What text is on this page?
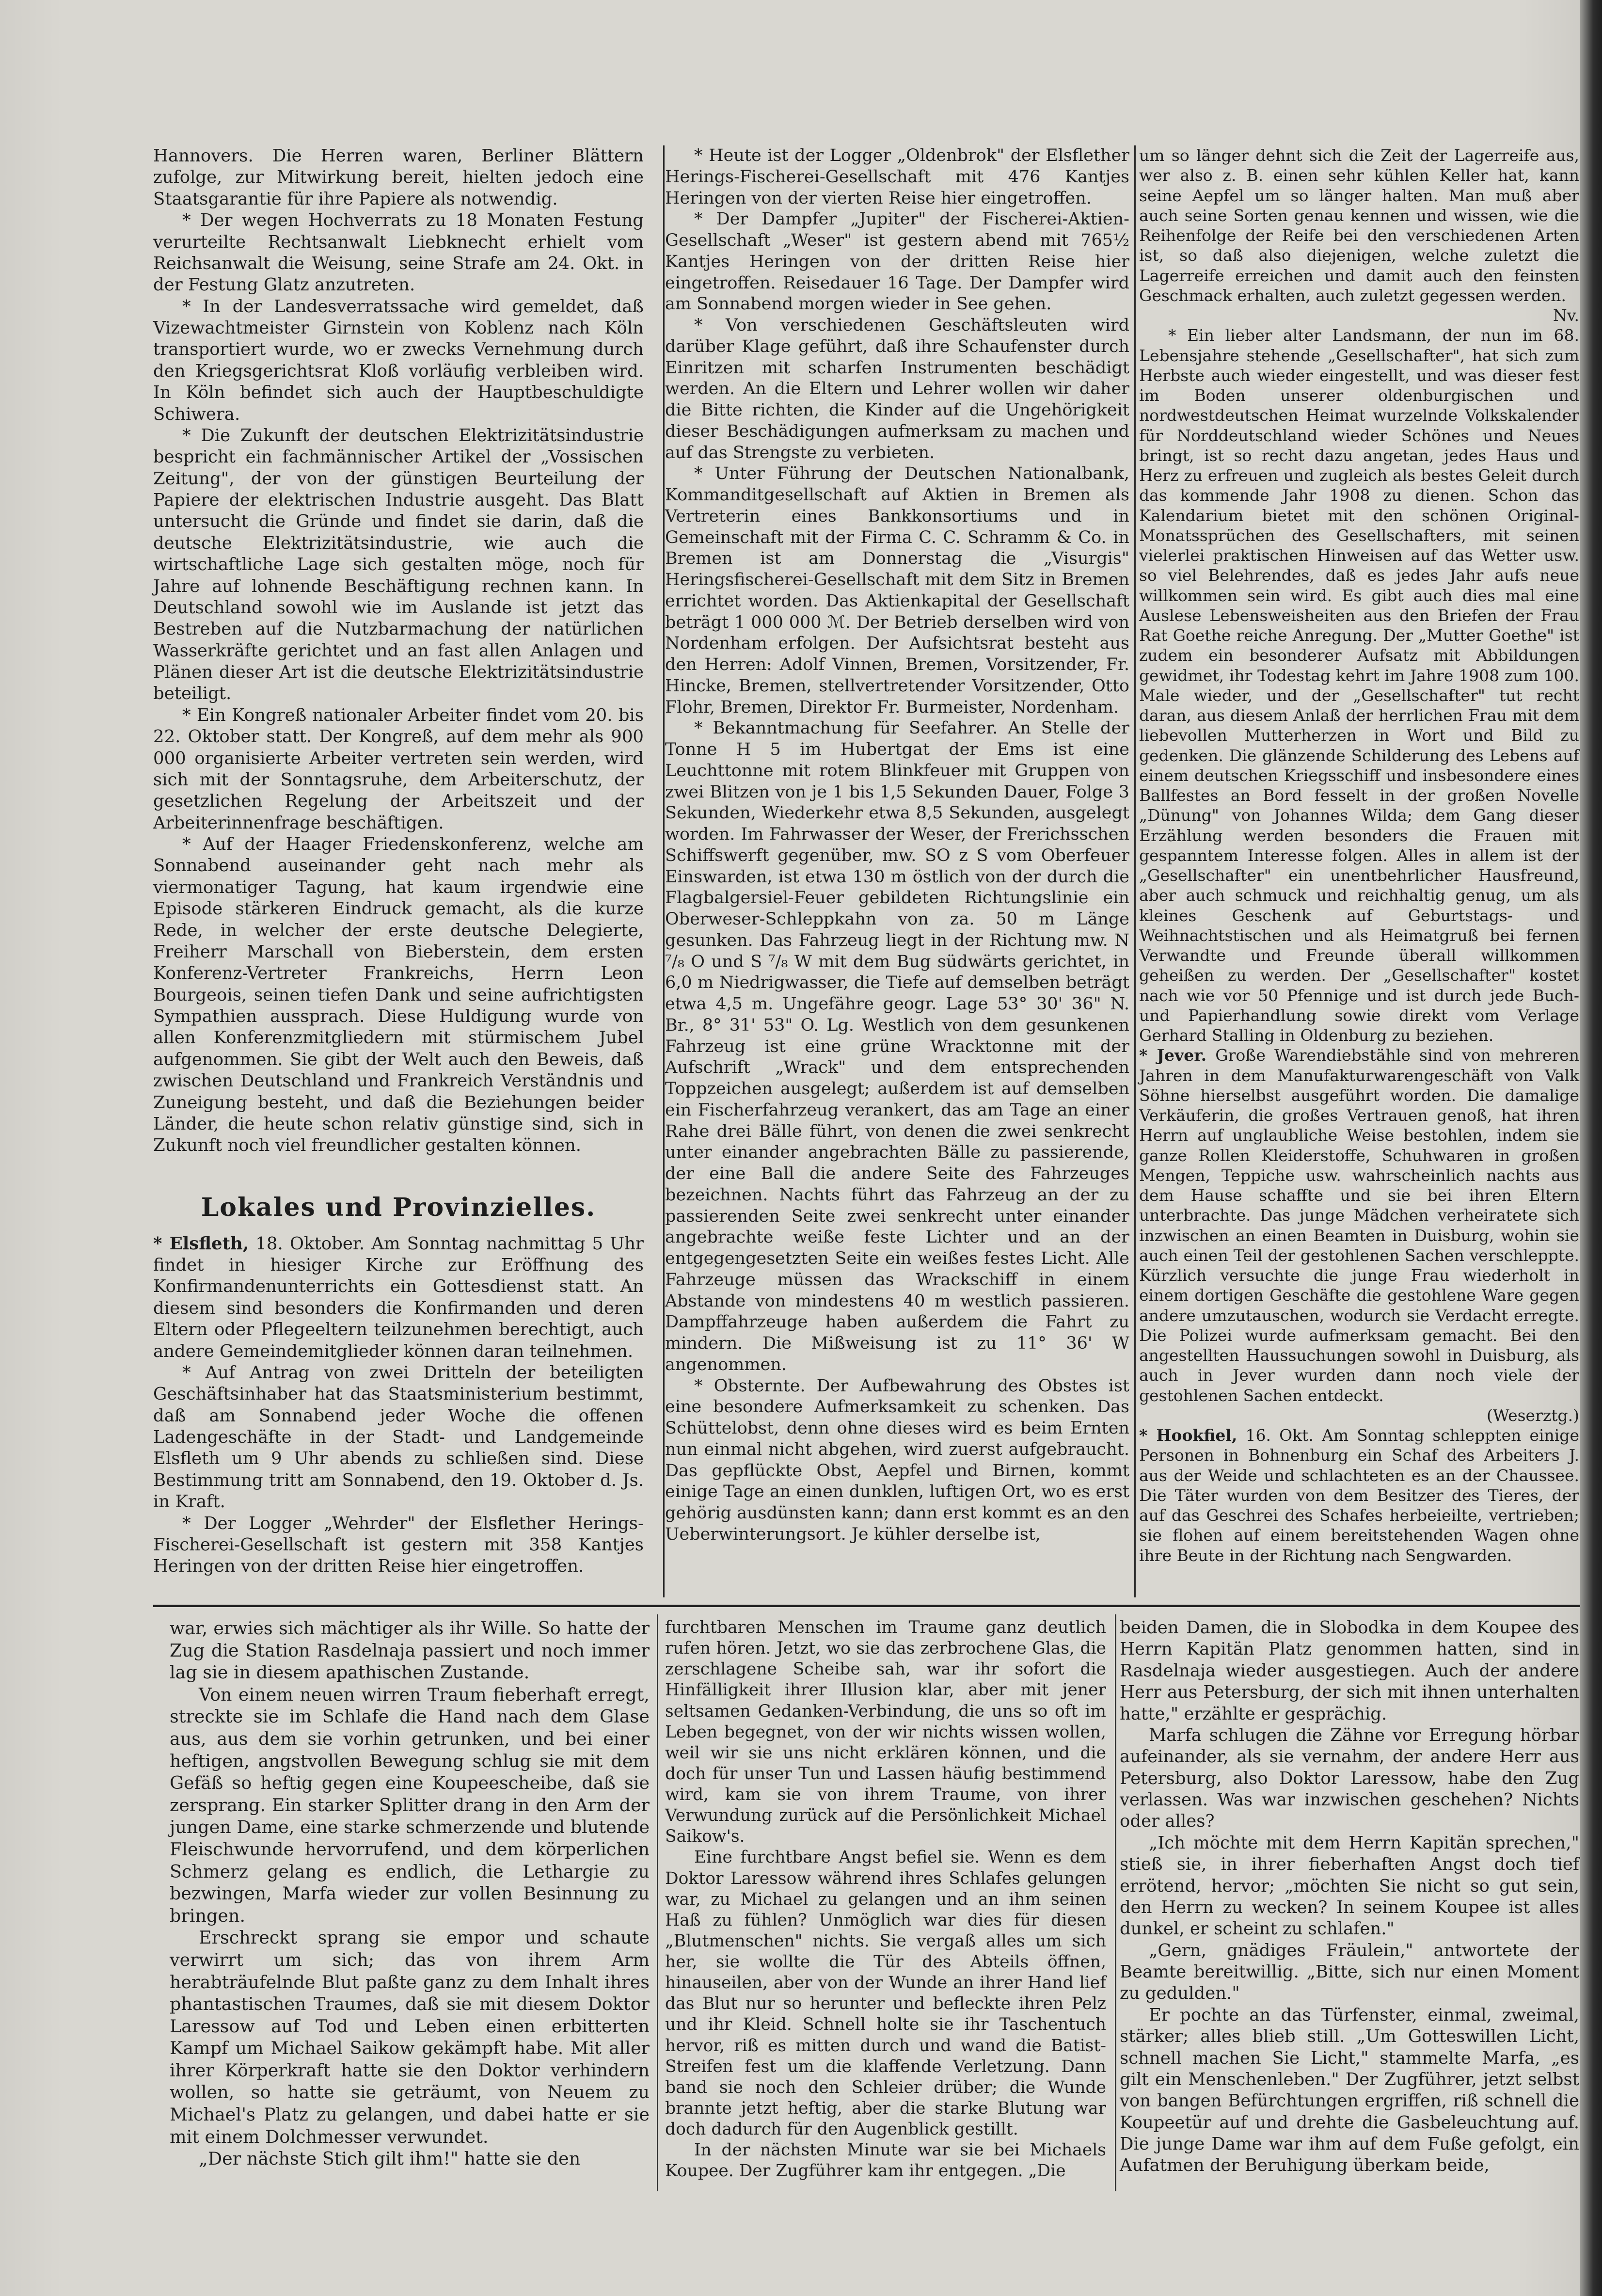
Hannovers. Die Herren waren, Berliner Blättern zufolge, zur Mitwirkung bereit, hielten jedoch eine Staatsgarantie für ihre Papiere als notwendig.

* Der wegen Hochverrats zu 18 Monaten Festung verurteilte Rechtsanwalt Liebknecht erhielt vom Reichsanwalt die Weisung, seine Strafe am 24. Okt. in der Festung Glatz anzutreten.

* In der Landesverratssache wird gemeldet, daß Vizewachtmeister Girnstein von Koblenz nach Köln transportiert wurde, wo er zwecks Vernehmung durch den Kriegsgerichtsrat Kloß vorläufig verbleiben wird. In Köln befindet sich auch der Hauptbeschuldigte Schiwera.

* Die Zukunft der deutschen Elektrizitätsindustrie bespricht ein fachmännischer Artikel der „Vossischen Zeitung", der von der günstigen Beurteilung der Papiere der elektrischen Industrie ausgeht. Das Blatt untersucht die Gründe und findet sie darin, daß die deutsche Elektrizitätsindustrie, wie auch die wirtschaftliche Lage sich gestalten möge, noch für Jahre auf lohnende Beschäftigung rechnen kann. In Deutschland sowohl wie im Auslande ist jetzt das Bestreben auf die Nutzbarmachung der natürlichen Wasserkräfte gerichtet und an fast allen Anlagen und Plänen dieser Art ist die deutsche Elektrizitätsindustrie beteiligt.

* Ein Kongreß nationaler Arbeiter findet vom 20. bis 22. Oktober statt. Der Kongreß, auf dem mehr als 900 000 organisierte Arbeiter vertreten sein werden, wird sich mit der Sonntagsruhe, dem Arbeiterschutz, der gesetzlichen Regelung der Arbeitszeit und der Arbeiterinnenfrage beschäftigen.

* Auf der Haager Friedenskonferenz, welche am Sonnabend auseinander geht nach mehr als viermonatiger Tagung, hat kaum irgendwie eine Episode stärkeren Eindruck gemacht, als die kurze Rede, in welcher der erste deutsche Delegierte, Freiherr Marschall von Bieberstein, dem ersten Konferenz-Vertreter Frankreichs, Herrn Leon Bourgeois, seinen tiefen Dank und seine aufrichtigsten Sympathien aussprach. Diese Huldigung wurde von allen Konferenzmitgliedern mit stürmischem Jubel aufgenommen. Sie gibt der Welt auch den Beweis, daß zwischen Deutschland und Frankreich Verständnis und Zuneigung besteht, und daß die Beziehungen beider Länder, die heute schon relativ günstige sind, sich in Zukunft noch viel freundlicher gestalten können.

Lokales und Provinzielles.

* Elsfleth, 18. Oktober. Am Sonntag nachmittag 5 Uhr findet in hiesiger Kirche zur Eröffnung des Konfirmandenunterrichts ein Gottesdienst statt. An diesem sind besonders die Konfirmanden und deren Eltern oder Pflegeeltern teilzunehmen berechtigt, auch andere Gemeindemitglieder können daran teilnehmen.

* Auf Antrag von zwei Dritteln der beteiligten Geschäftsinhaber hat das Staatsministerium bestimmt, daß am Sonnabend jeder Woche die offenen Ladengeschäfte in der Stadt- und Landgemeinde Elsfleth um 9 Uhr abends zu schließen sind. Diese Bestimmung tritt am Sonnabend, den 19. Oktober d. Js. in Kraft.

* Der Logger „Wehrder" der Elsflether Herings-Fischerei-Gesellschaft ist gestern mit 358 Kantjes Heringen von der dritten Reise hier eingetroffen.

* Heute ist der Logger „Oldenbrok" der Elsflether Herings-Fischerei-Gesellschaft mit 476 Kantjes Heringen von der vierten Reise hier eingetroffen.

* Der Dampfer „Jupiter" der Fischerei-Aktien-Gesellschaft „Weser" ist gestern abend mit 765½ Kantjes Heringen von der dritten Reise hier eingetroffen. Reisedauer 16 Tage. Der Dampfer wird am Sonnabend morgen wieder in See gehen.

* Von verschiedenen Geschäftsleuten wird darüber Klage geführt, daß ihre Schaufenster durch Einritzen mit scharfen Instrumenten beschädigt werden. An die Eltern und Lehrer wollen wir daher die Bitte richten, die Kinder auf die Ungehörigkeit dieser Beschädigungen aufmerksam zu machen und auf das Strengste zu verbieten.

* Unter Führung der Deutschen Nationalbank, Kommanditgesellschaft auf Aktien in Bremen als Vertreterin eines Bankkonsortiums und in Gemeinschaft mit der Firma C. C. Schramm & Co. in Bremen ist am Donnerstag die „Visurgis" Heringsfischerei-Gesellschaft mit dem Sitz in Bremen errichtet worden. Das Aktienkapital der Gesellschaft beträgt 1 000 000 ℳ. Der Betrieb derselben wird von Nordenham erfolgen. Der Aufsichtsrat besteht aus den Herren: Adolf Vinnen, Bremen, Vorsitzender, Fr. Hincke, Bremen, stellvertretender Vorsitzender, Otto Flohr, Bremen, Direktor Fr. Burmeister, Nordenham.

* Bekanntmachung für Seefahrer. An Stelle der Tonne H 5 im Hubertgat der Ems ist eine Leuchttonne mit rotem Blinkfeuer mit Gruppen von zwei Blitzen von je 1 bis 1,5 Sekunden Dauer, Folge 3 Sekunden, Wiederkehr etwa 8,5 Sekunden, ausgelegt worden. Im Fahrwasser der Weser, der Frerichsschen Schiffswerft gegenüber, mw. SO z S vom Oberfeuer Einswarden, ist etwa 130 m östlich von der durch die Flagbalgersiel-Feuer gebildeten Richtungslinie ein Oberweser-Schleppkahn von za. 50 m Länge gesunken. Das Fahrzeug liegt in der Richtung mw. N ⁷/₈ O und S ⁷/₈ W mit dem Bug südwärts gerichtet, in 6,0 m Niedrigwasser, die Tiefe auf demselben beträgt etwa 4,5 m. Ungefähre geogr. Lage 53° 30' 36" N. Br., 8° 31' 53" O. Lg. Westlich von dem gesunkenen Fahrzeug ist eine grüne Wracktonne mit der Aufschrift „Wrack" und dem entsprechenden Toppzeichen ausgelegt; außerdem ist auf demselben ein Fischerfahrzeug verankert, das am Tage an einer Rahe drei Bälle führt, von denen die zwei senkrecht unter einander angebrachten Bälle zu passierende, der eine Ball die andere Seite des Fahrzeuges bezeichnen. Nachts führt das Fahrzeug an der zu passierenden Seite zwei senkrecht unter einander angebrachte weiße feste Lichter und an der entgegengesetzten Seite ein weißes festes Licht. Alle Fahrzeuge müssen das Wrackschiff in einem Abstande von mindestens 40 m westlich passieren. Dampffahrzeuge haben außerdem die Fahrt zu mindern. Die Mißweisung ist zu 11° 36' W angenommen.

* Obsternte. Der Aufbewahrung des Obstes ist eine besondere Aufmerksamkeit zu schenken. Das Schüttelobst, denn ohne dieses wird es beim Ernten nun einmal nicht abgehen, wird zuerst aufgebraucht. Das gepflückte Obst, Aepfel und Birnen, kommt einige Tage an einen dunklen, luftigen Ort, wo es erst gehörig ausdünsten kann; dann erst kommt es an den Ueberwinterungsort. Je kühler derselbe ist,

um so länger dehnt sich die Zeit der Lagerreife aus, wer also z. B. einen sehr kühlen Keller hat, kann seine Aepfel um so länger halten. Man muß aber auch seine Sorten genau kennen und wissen, wie die Reihenfolge der Reife bei den verschiedenen Arten ist, so daß also diejenigen, welche zuletzt die Lagerreife erreichen und damit auch den feinsten Geschmack erhalten, auch zuletzt gegessen werden.

Nv.

* Ein lieber alter Landsmann, der nun im 68. Lebensjahre stehende „Gesellschafter", hat sich zum Herbste auch wieder eingestellt, und was dieser fest im Boden unserer oldenburgischen und nordwestdeutschen Heimat wurzelnde Volkskalender für Norddeutschland wieder Schönes und Neues bringt, ist so recht dazu angetan, jedes Haus und Herz zu erfreuen und zugleich als bestes Geleit durch das kommende Jahr 1908 zu dienen. Schon das Kalendarium bietet mit den schönen Original-Monatssprüchen des Gesellschafters, mit seinen vielerlei praktischen Hinweisen auf das Wetter usw. so viel Belehrendes, daß es jedes Jahr aufs neue willkommen sein wird. Es gibt auch dies mal eine Auslese Lebensweisheiten aus den Briefen der Frau Rat Goethe reiche Anregung. Der „Mutter Goethe" ist zudem ein besonderer Aufsatz mit Abbildungen gewidmet, ihr Todestag kehrt im Jahre 1908 zum 100. Male wieder, und der „Gesellschafter" tut recht daran, aus diesem Anlaß der herrlichen Frau mit dem liebevollen Mutterherzen in Wort und Bild zu gedenken. Die glänzende Schilderung des Lebens auf einem deutschen Kriegsschiff und insbesondere eines Ballfestes an Bord fesselt in der großen Novelle „Dünung" von Johannes Wilda; dem Gang dieser Erzählung werden besonders die Frauen mit gespanntem Interesse folgen. Alles in allem ist der „Gesellschafter" ein unentbehrlicher Hausfreund, aber auch schmuck und reichhaltig genug, um als kleines Geschenk auf Geburtstags- und Weihnachtstischen und als Heimatgruß bei fernen Verwandte und Freunde überall willkommen geheißen zu werden. Der „Gesellschafter" kostet nach wie vor 50 Pfennige und ist durch jede Buch- und Papierhandlung sowie direkt vom Verlage Gerhard Stalling in Oldenburg zu beziehen.

* Jever. Große Warendiebstähle sind von mehreren Jahren in dem Manufakturwarengeschäft von Valk Söhne hierselbst ausgeführt worden. Die damalige Verkäuferin, die großes Vertrauen genoß, hat ihren Herrn auf unglaubliche Weise bestohlen, indem sie ganze Rollen Kleiderstoffe, Schuhwaren in großen Mengen, Teppiche usw. wahrscheinlich nachts aus dem Hause schaffte und sie bei ihren Eltern unterbrachte. Das junge Mädchen verheiratete sich inzwischen an einen Beamten in Duisburg, wohin sie auch einen Teil der gestohlenen Sachen verschleppte. Kürzlich versuchte die junge Frau wiederholt in einem dortigen Geschäfte die gestohlene Ware gegen andere umzutauschen, wodurch sie Verdacht erregte. Die Polizei wurde aufmerksam gemacht. Bei den angestellten Haussuchungen sowohl in Duisburg, als auch in Jever wurden dann noch viele der gestohlenen Sachen entdeckt.

(Weserztg.)

* Hookfiel, 16. Okt. Am Sonntag schleppten einige Personen in Bohnenburg ein Schaf des Arbeiters J. aus der Weide und schlachteten es an der Chaussee. Die Täter wurden von dem Besitzer des Tieres, der auf das Geschrei des Schafes herbeieilte, vertrieben; sie flohen auf einem bereitstehenden Wagen ohne ihre Beute in der Richtung nach Sengwarden.

war, erwies sich mächtiger als ihr Wille. So hatte der Zug die Station Rasdelnaja passiert und noch immer lag sie in diesem apathischen Zustande.

Von einem neuen wirren Traum fieberhaft erregt, streckte sie im Schlafe die Hand nach dem Glase aus, aus dem sie vorhin getrunken, und bei einer heftigen, angstvollen Bewegung schlug sie mit dem Gefäß so heftig gegen eine Koupeescheibe, daß sie zersprang. Ein starker Splitter drang in den Arm der jungen Dame, eine starke schmerzende und blutende Fleischwunde hervorrufend, und dem körperlichen Schmerz gelang es endlich, die Lethargie zu bezwingen, Marfa wieder zur vollen Besinnung zu bringen.

Erschreckt sprang sie empor und schaute verwirrt um sich; das von ihrem Arm herabträufelnde Blut paßte ganz zu dem Inhalt ihres phantastischen Traumes, daß sie mit diesem Doktor Laressow auf Tod und Leben einen erbitterten Kampf um Michael Saikow gekämpft habe. Mit aller ihrer Körperkraft hatte sie den Doktor verhindern wollen, so hatte sie geträumt, von Neuem zu Michael's Platz zu gelangen, und dabei hatte er sie mit einem Dolchmesser verwundet.

„Der nächste Stich gilt ihm!" hatte sie den

furchtbaren Menschen im Traume ganz deutlich rufen hören. Jetzt, wo sie das zerbrochene Glas, die zerschlagene Scheibe sah, war ihr sofort die Hinfälligkeit ihrer Illusion klar, aber mit jener seltsamen Gedanken-Verbindung, die uns so oft im Leben begegnet, von der wir nichts wissen wollen, weil wir sie uns nicht erklären können, und die doch für unser Tun und Lassen häufig bestimmend wird, kam sie von ihrem Traume, von ihrer Verwundung zurück auf die Persönlichkeit Michael Saikow's.

Eine furchtbare Angst befiel sie. Wenn es dem Doktor Laressow während ihres Schlafes gelungen war, zu Michael zu gelangen und an ihm seinen Haß zu fühlen? Unmöglich war dies für diesen „Blutmenschen" nichts. Sie vergaß alles um sich her, sie wollte die Tür des Abteils öffnen, hinauseilen, aber von der Wunde an ihrer Hand lief das Blut nur so herunter und befleckte ihren Pelz und ihr Kleid. Schnell holte sie ihr Taschentuch hervor, riß es mitten durch und wand die Batist-Streifen fest um die klaffende Verletzung. Dann band sie noch den Schleier drüber; die Wunde brannte jetzt heftig, aber die starke Blutung war doch dadurch für den Augenblick gestillt.

In der nächsten Minute war sie bei Michaels Koupee. Der Zugführer kam ihr entgegen. „Die

beiden Damen, die in Slobodka in dem Koupee des Herrn Kapitän Platz genommen hatten, sind in Rasdelnaja wieder ausgestiegen. Auch der andere Herr aus Petersburg, der sich mit ihnen unterhalten hatte," erzählte er gesprächig.

Marfa schlugen die Zähne vor Erregung hörbar aufeinander, als sie vernahm, der andere Herr aus Petersburg, also Doktor Laressow, habe den Zug verlassen. Was war inzwischen geschehen? Nichts oder alles?

„Ich möchte mit dem Herrn Kapitän sprechen," stieß sie, in ihrer fieberhaften Angst doch tief errötend, hervor; „möchten Sie nicht so gut sein, den Herrn zu wecken? In seinem Koupee ist alles dunkel, er scheint zu schlafen."

„Gern, gnädiges Fräulein," antwortete der Beamte bereitwillig. „Bitte, sich nur einen Moment zu gedulden."

Er pochte an das Türfenster, einmal, zweimal, stärker; alles blieb still. „Um Gotteswillen Licht, schnell machen Sie Licht," stammelte Marfa, „es gilt ein Menschenleben." Der Zugführer, jetzt selbst von bangen Befürchtungen ergriffen, riß schnell die Koupeetür auf und drehte die Gasbeleuchtung auf. Die junge Dame war ihm auf dem Fuße gefolgt, ein Aufatmen der Beruhigung überkam beide,
